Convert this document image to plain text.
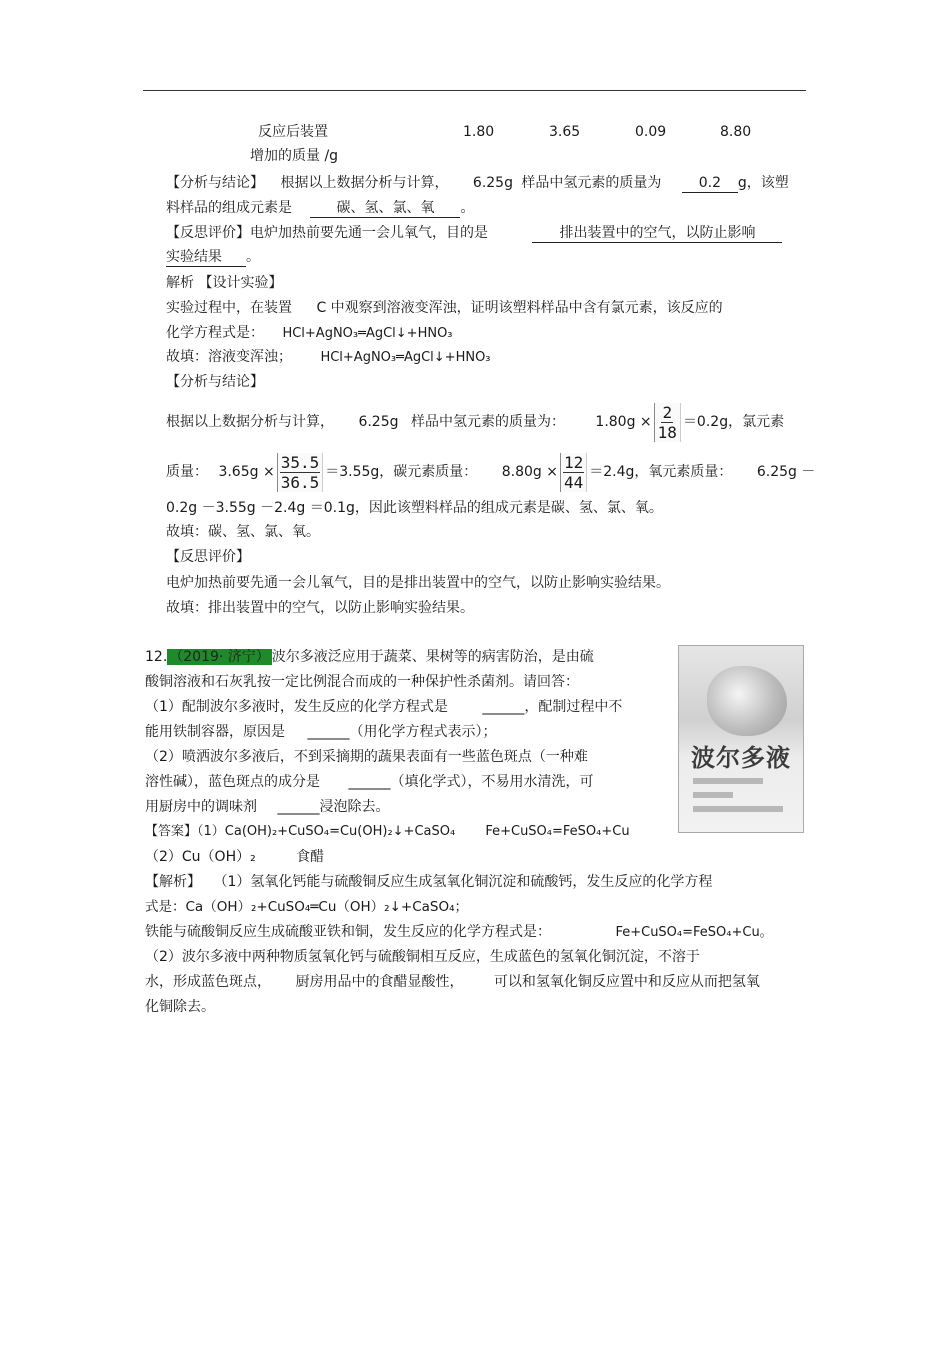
反应后装置	1.80	3.65	0.09	8.80
增加的质量 /g
【分析与结论】 根据以上数据分析与计算， 6.25g 样品中氢元素的质量为	0.2 g，该塑
料样品的组成元素是	碳、氢、氯、氧 。
【反思评价】电炉加热前要先通一会儿氧气，目的是	排出装置中的空气，以防止影响
实验结果 。
解析 【设计实验】
实验过程中，在装置 C 中观察到溶液变浑浊，证明该塑料样品中含有氯元素，该反应的
化学方程式是： HCl+AgNO₃═AgCl↓+HNO₃
故填：溶液变浑浊； HCl+AgNO₃═AgCl↓+HNO₃
【分析与结论】
根据以上数据分析与计算， 6.25g 样品中氢元素的质量为： $1.80g \times \frac{2}{18} =0.2g$，氯元素
质量： $3.65g \times \frac{35.5}{36.5} =3.55g$，碳元素质量： $8.80g \times \frac{12}{44} =2.4g$，氧元素质量： 6.25g －
0.2g －3.55g －2.4g ＝0.1g，因此该塑料样品的组成元素是碳、氢、氯、氧。
故填：碳、氢、氯、氧。
【反思评价】
电炉加热前要先通一会儿氧气，目的是排出装置中的空气，以防止影响实验结果。
故填：排出装置中的空气，以防止影响实验结果。
12. （2019· 济宁） 波尔多液泛应用于蔬菜、果树等的病害防治，是由硫
酸铜溶液和石灰乳按一定比例混合而成的一种保护性杀菌剂。请回答：
（1）配制波尔多液时，发生反应的化学方程式是 ______，配制过程中不
能用铁制容器，原因是 ______（用化学方程式表示）；
（2）喷洒波尔多液后，不到采摘期的蔬果表面有一些蓝色斑点（一种难
溶性碱），蓝色斑点的成分是 ______（填化学式），不易用水清洗，可
用厨房中的调味剂 ______浸泡除去。
【答案】（1）Ca(OH)₂+CuSO₄=Cu(OH)₂↓+CaSO₄ Fe+CuSO₄=FeSO₄+Cu
（2）Cu（OH）₂	食醋
【解析】 （1）氢氧化钙能与硫酸铜反应生成氢氧化铜沉淀和硫酸钙，发生反应的化学方程
式是：Ca（OH）₂+CuSO₄═Cu（OH）₂↓+CaSO₄；
铁能与硫酸铜反应生成硫酸亚铁和铜，发生反应的化学方程式是：	Fe+CuSO₄=FeSO₄+Cu。
（2）波尔多液中两种物质氢氧化钙与硫酸铜相互反应，生成蓝色的氢氧化铜沉淀，不溶于
水，形成蓝色斑点， 厨房用品中的食醋显酸性， 可以和氢氧化铜反应置中和反应从而把氢氧
化铜除去。
波尔多液
